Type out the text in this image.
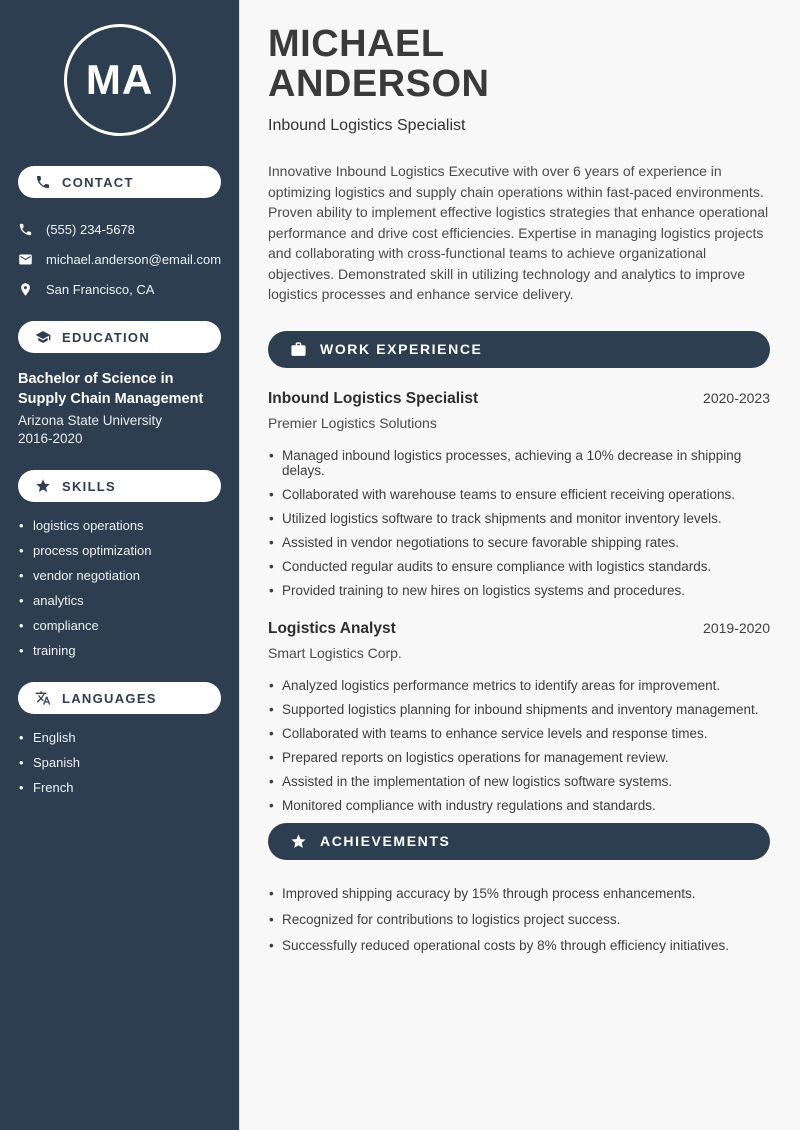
MA
CONTACT
(555) 234-5678
michael.anderson@email.com
San Francisco, CA
EDUCATION
Bachelor of Science in Supply Chain Management
Arizona State University
2016-2020
SKILLS
• logistics operations
• process optimization
• vendor negotiation
• analytics
• compliance
• training
LANGUAGES
• English
• Spanish
• French
MICHAEL
ANDERSON
Inbound Logistics Specialist

Innovative Inbound Logistics Executive with over 6 years of experience in optimizing logistics and supply chain operations within fast-paced environments. Proven ability to implement effective logistics strategies that enhance operational performance and drive cost efficiencies. Expertise in managing logistics projects and collaborating with cross-functional teams to achieve organizational objectives. Demonstrated skill in utilizing technology and analytics to improve logistics processes and enhance service delivery.

WORK EXPERIENCE
Inbound Logistics Specialist	2020-2023
Premier Logistics Solutions
• Managed inbound logistics processes, achieving a 10% decrease in shipping delays.
• Collaborated with warehouse teams to ensure efficient receiving operations.
• Utilized logistics software to track shipments and monitor inventory levels.
• Assisted in vendor negotiations to secure favorable shipping rates.
• Conducted regular audits to ensure compliance with logistics standards.
• Provided training to new hires on logistics systems and procedures.
Logistics Analyst	2019-2020
Smart Logistics Corp.
• Analyzed logistics performance metrics to identify areas for improvement.
• Supported logistics planning for inbound shipments and inventory management.
• Collaborated with teams to enhance service levels and response times.
• Prepared reports on logistics operations for management review.
• Assisted in the implementation of new logistics software systems.
• Monitored compliance with industry regulations and standards.
ACHIEVEMENTS
• Improved shipping accuracy by 15% through process enhancements.
• Recognized for contributions to logistics project success.
• Successfully reduced operational costs by 8% through efficiency initiatives.
